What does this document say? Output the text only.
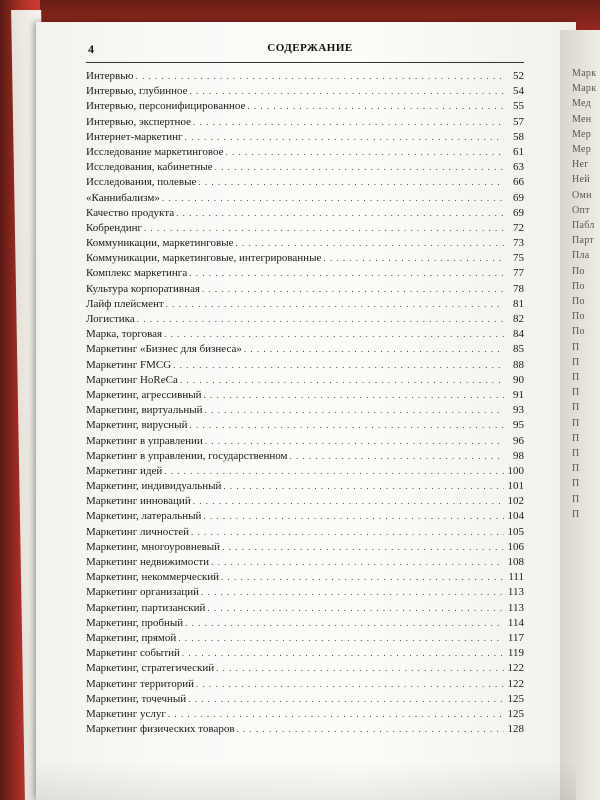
Марк
Марк
Мед
Мен
Мер
Мер
Нег
Ней
Омн
Опт
Пабл
Парт
Пла
По
По
По
По
По
П
П
П
П
П
П
П
П
П
П
П
П
4	СОДЕРЖАНИЕ
Интервью . . .	52
Интервью, глубинное . . .	54
Интервью, персонифицированное . . .	55
Интервью, экспертное . . .	57
Интернет-маркетинг . . .	58
Исследование маркетинговое . . .	61
Исследования, кабинетные . . .	63
Исследования, полевые . . .	66
«Каннибализм» . . .	69
Качество продукта . . .	69
Кобрендинг . . .	72
Коммуникации, маркетинговые . . .	73
Коммуникации, маркетинговые, интегрированные . . .	75
Комплекс маркетинга . . .	77
Культура корпоративная . . .	78
Лайф плейсмент . . .	81
Логистика . . .	82
Марка, торговая . . .	84
Маркетинг «Бизнес для бизнеса» . . .	85
Маркетинг FMCG . . .	88
Маркетинг HoReCa . . .	90
Маркетинг, агрессивный . . .	91
Маркетинг, виртуальный . . .	93
Маркетинг, вирусный . . .	95
Маркетинг в управлении . . .	96
Маркетинг в управлении, государственном . . .	98
Маркетинг идей . . .	100
Маркетинг, индивидуальный . . .	101
Маркетинг инноваций . . .	102
Маркетинг, латеральный . . .	104
Маркетинг личностей . . .	105
Маркетинг, многоуровневый . . .	106
Маркетинг недвижимости . . .	108
Маркетинг, некоммерческий . . .	111
Маркетинг организаций . . .	113
Маркетинг, партизанский . . .	113
Маркетинг, пробный . . .	114
Маркетинг, прямой . . .	117
Маркетинг событий . . .	119
Маркетинг, стратегический . . .	122
Маркетинг территорий . . .	122
Маркетинг, точечный . . .	125
Маркетинг услуг . . .	125
Маркетинг физических товаров . . .	128
